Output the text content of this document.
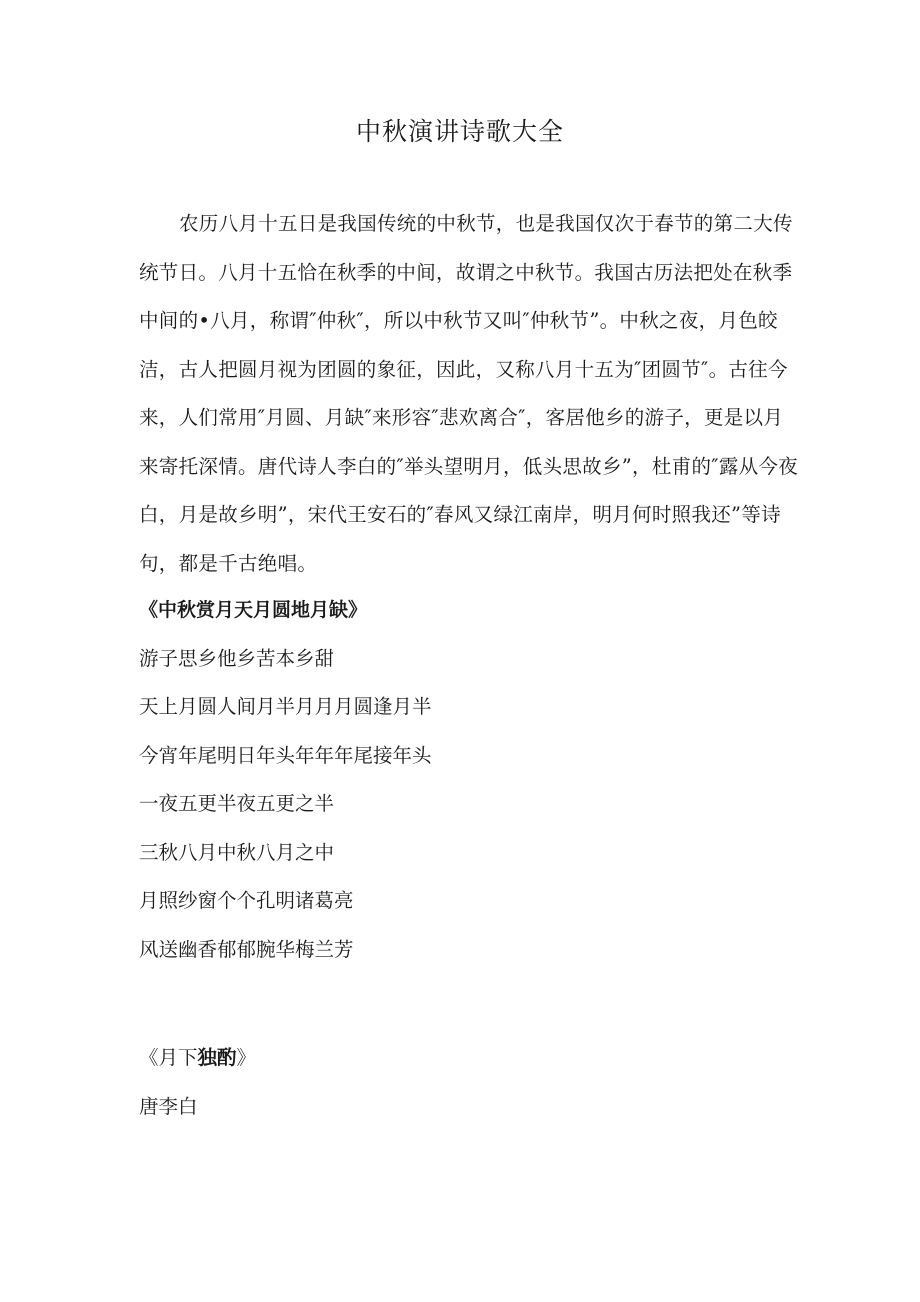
中秋演讲诗歌大全

农历八月十五日是我国传统的中秋节，也是我国仅次于春节的第二大传统节日。八月十五恰在秋季的中间，故谓之中秋节。我国古历法把处在秋季中间的•八月，称谓″仲秋″，所以中秋节又叫″仲秋节”。中秋之夜，月色皎洁，古人把圆月视为团圆的象征，因此，又称八月十五为″团圆节″。古往今来，人们常用″月圆、月缺″来形容″悲欢离合″，客居他乡的游子，更是以月来寄托深情。唐代诗人李白的″举头望明月，低头思故乡”，杜甫的″露从今夜白，月是故乡明”，宋代王安石的″春风又绿江南岸，明月何时照我还”等诗句，都是千古绝唱。

《中秋赏月天月圆地月缺》
游子思乡他乡苦本乡甜
天上月圆人间月半月月月圆逢月半
今宵年尾明日年头年年年尾接年头
一夜五更半夜五更之半
三秋八月中秋八月之中
月照纱窗个个孔明诸葛亮
风送幽香郁郁腕华梅兰芳
《月下独酌》
唐李白
